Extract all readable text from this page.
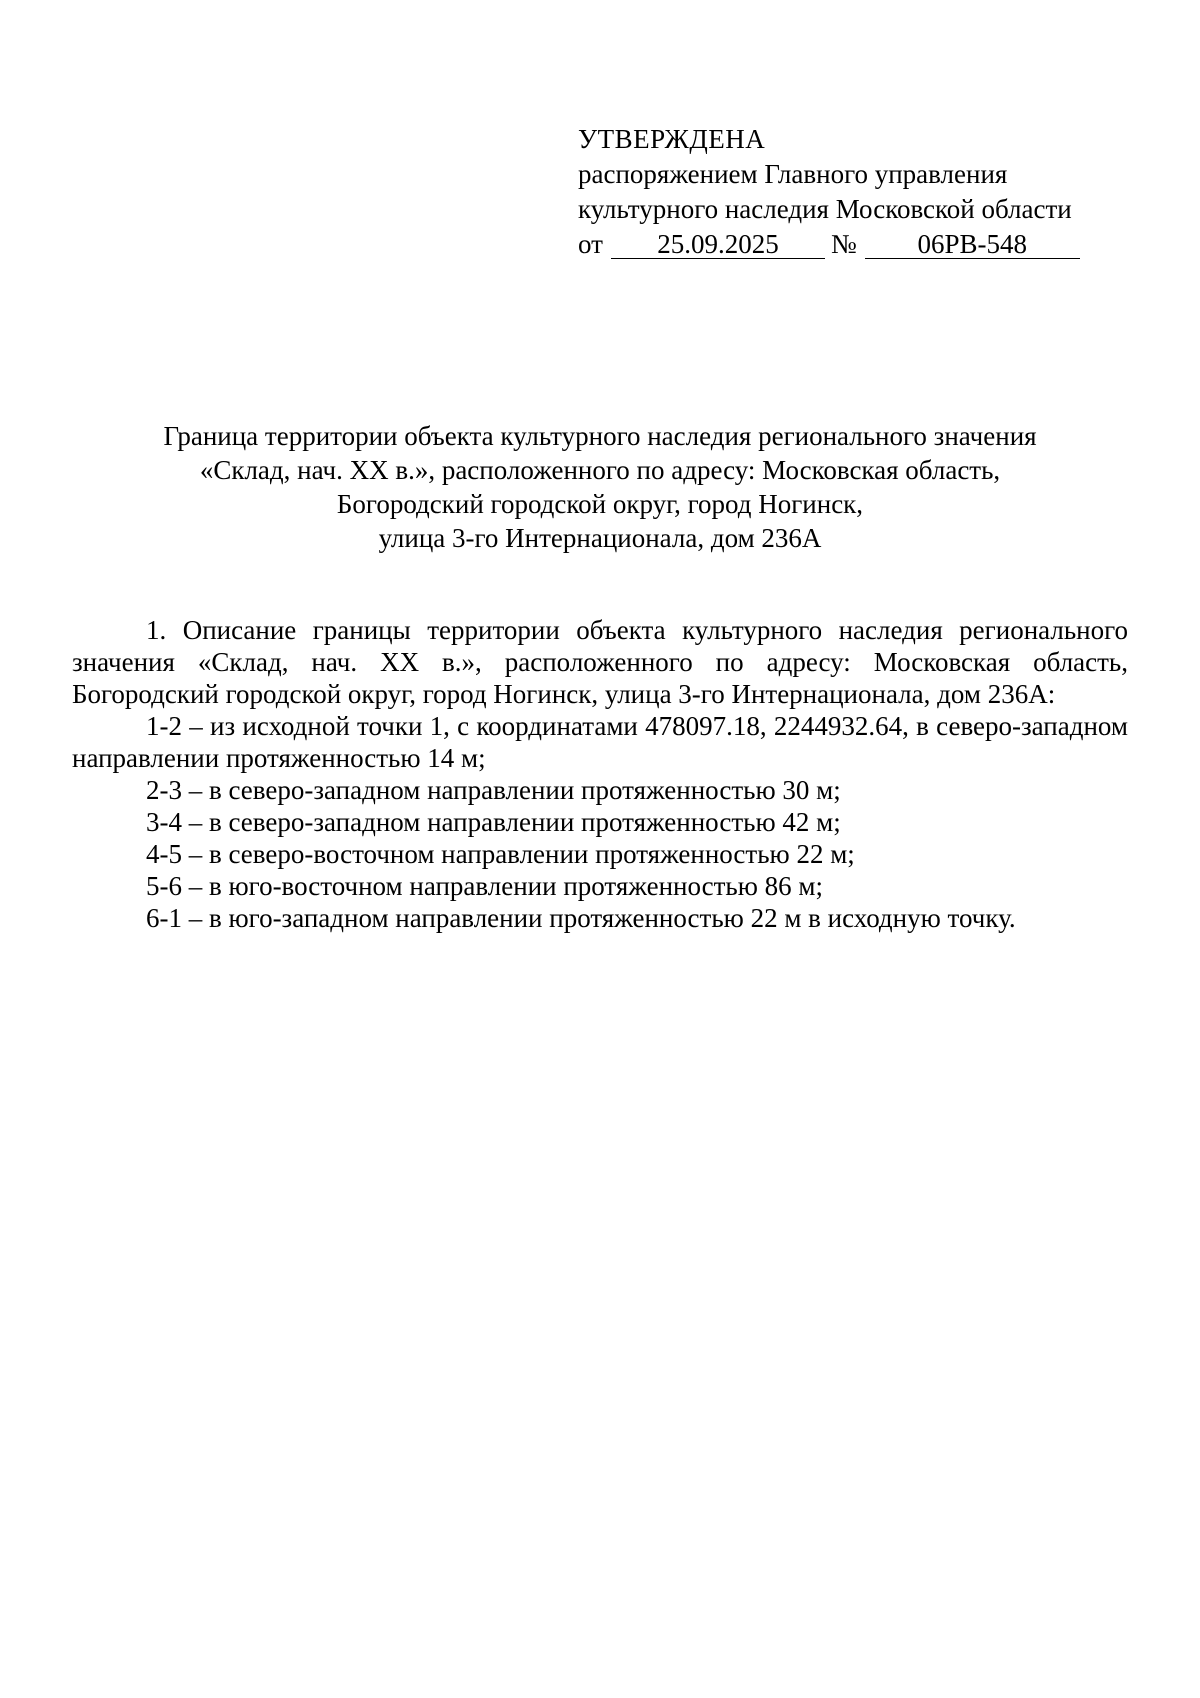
УТВЕРЖДЕНА
распоряжением Главного управления
культурного наследия Московской области
от 25.09.2025 № 06РВ-548
Граница территории объекта культурного наследия регионального значения
«Склад, нач. XX в.», расположенного по адресу: Московская область,
Богородский городской округ, город Ногинск,
улица 3-го Интернационала, дом 236А

1. Описание границы территории объекта культурного наследия регионального значения «Склад, нач. XX в.», расположенного по адресу: Московская область, Богородский городской округ, город Ногинск, улица 3-го Интернационала, дом 236А:

1-2 – из исходной точки 1, с координатами 478097.18, 2244932.64, в северо-западном направлении протяженностью 14 м;

2-3 – в северо-западном направлении протяженностью 30 м;

3-4 – в северо-западном направлении протяженностью 42 м;

4-5 – в северо-восточном направлении протяженностью 22 м;

5-6 – в юго-восточном направлении протяженностью 86 м;

6-1 – в юго-западном направлении протяженностью 22 м в исходную точку.
